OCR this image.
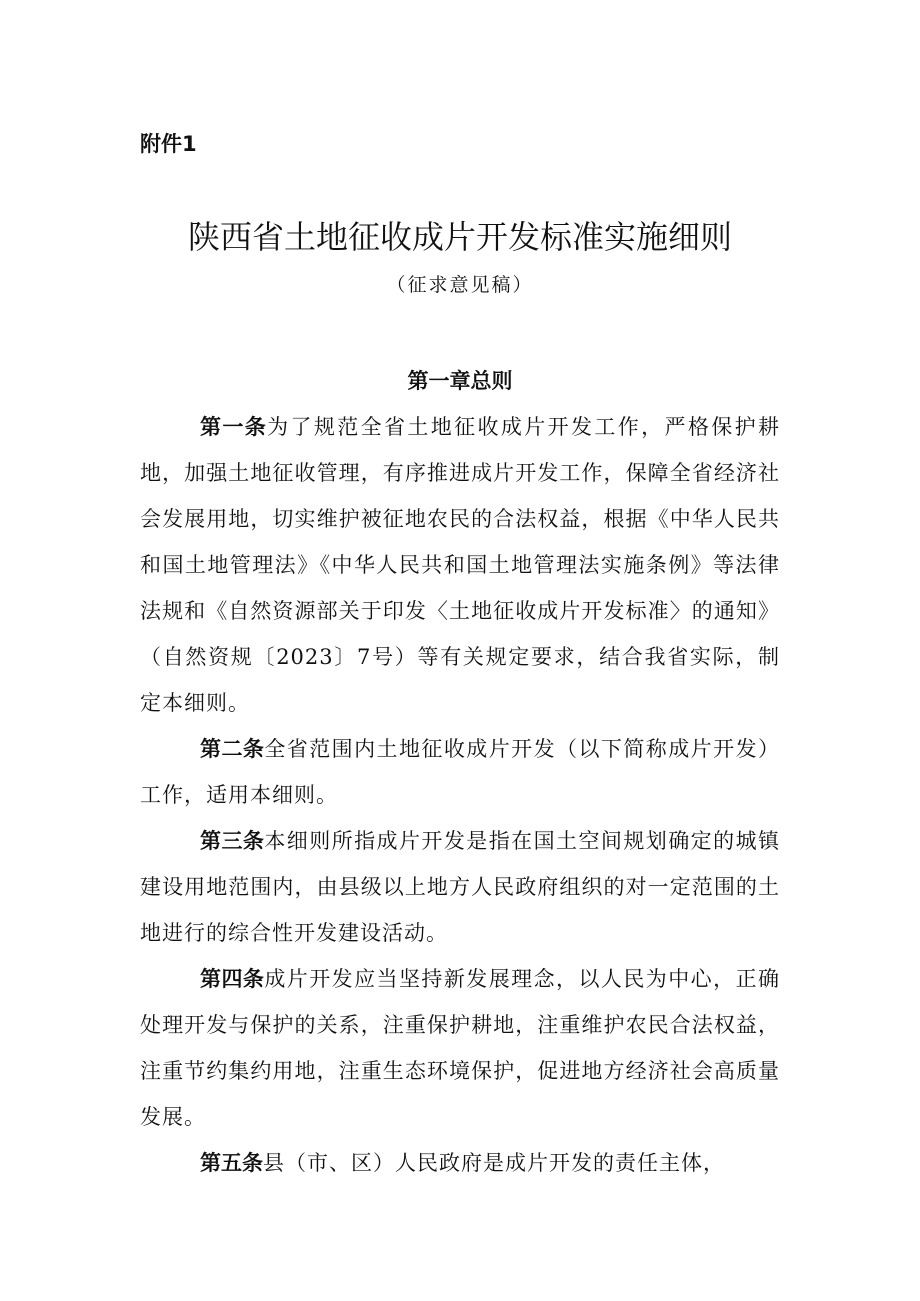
附件1
陕西省土地征收成片开发标准实施细则
（征求意见稿）
第一章总则

第一条为了规范全省土地征收成片开发工作，严格保护耕地，加强土地征收管理，有序推进成片开发工作，保障全省经济社会发展用地，切实维护被征地农民的合法权益，根据《中华人民共和国土地管理法》《中华人民共和国土地管理法实施条例》等法律法规和《自然资源部关于印发〈土地征收成片开发标准〉的通知》（自然资规〔2023〕7号）等有关规定要求，结合我省实际，制定本细则。

第二条全省范围内土地征收成片开发（以下简称成片开发）工作，适用本细则。

第三条本细则所指成片开发是指在国土空间规划确定的城镇建设用地范围内，由县级以上地方人民政府组织的对一定范围的土地进行的综合性开发建设活动。

第四条成片开发应当坚持新发展理念，以人民为中心，正确处理开发与保护的关系，注重保护耕地，注重维护农民合法权益，注重节约集约用地，注重生态环境保护，促进地方经济社会高质量发展。

第五条县（市、区）人民政府是成片开发的责任主体，
